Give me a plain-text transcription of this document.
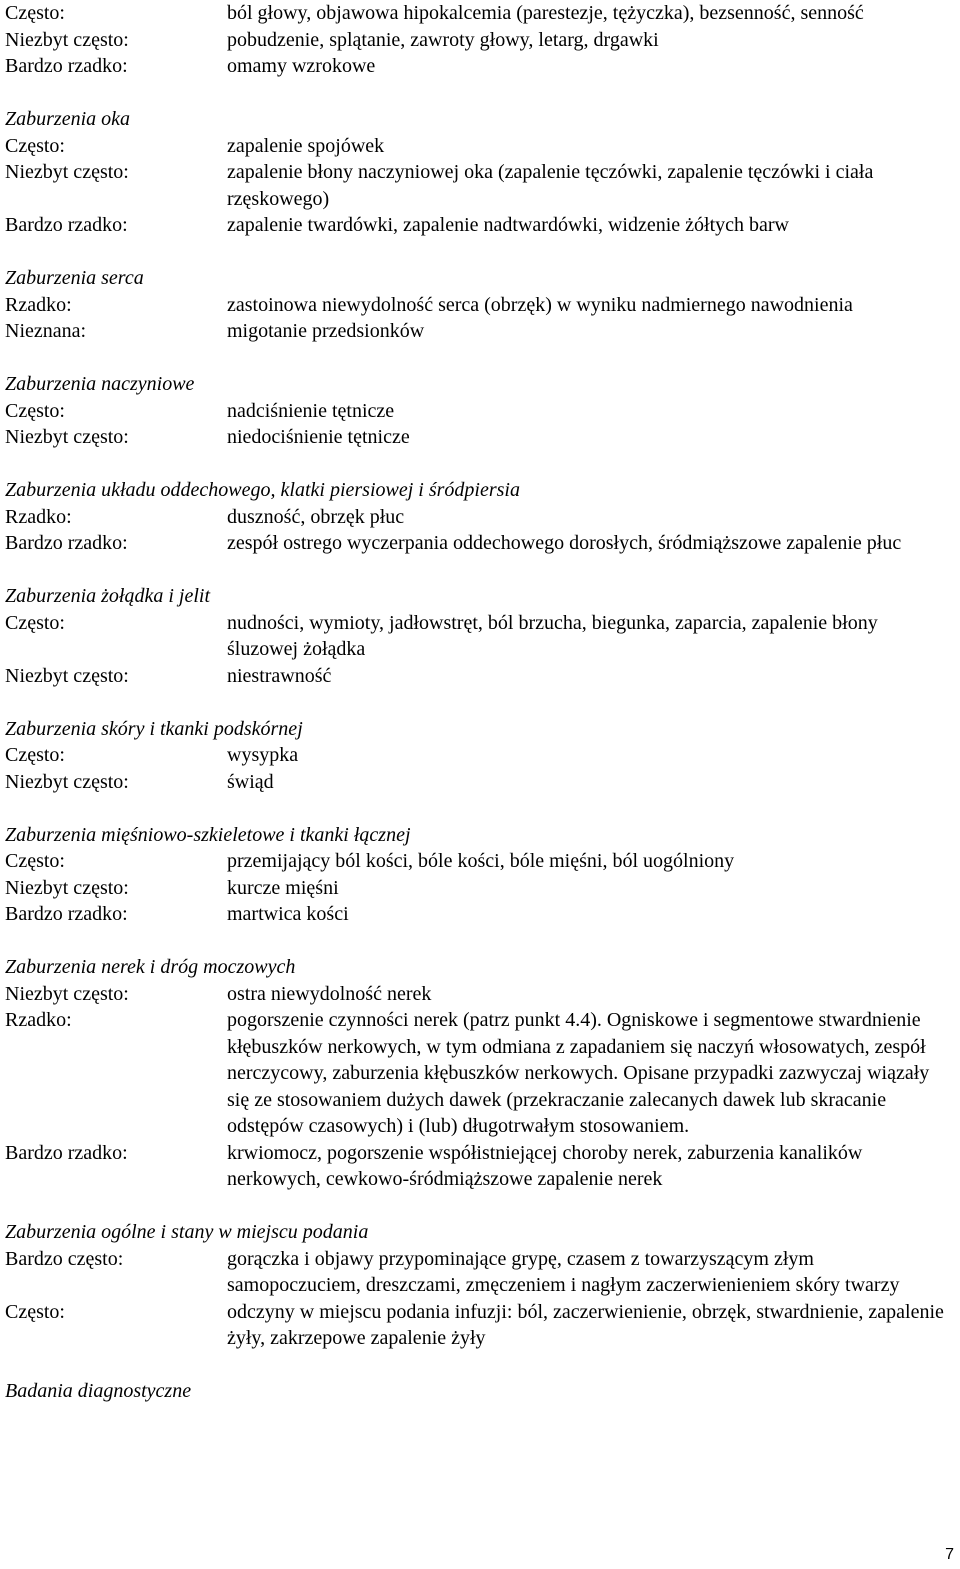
Często:	ból głowy, objawowa hipokalcemia (parestezje, tężyczka), bezsenność, senność
Niezbyt często:	pobudzenie, splątanie, zawroty głowy, letarg, drgawki
Bardzo rzadko:	omamy wzrokowe
Zaburzenia oka
Często:	zapalenie spojówek
Niezbyt często:	zapalenie błony naczyniowej oka (zapalenie tęczówki, zapalenie tęczówki i ciała rzęskowego)
Bardzo rzadko:	zapalenie twardówki, zapalenie nadtwardówki, widzenie żółtych barw
Zaburzenia serca
Rzadko:	zastoinowa niewydolność serca (obrzęk) w wyniku nadmiernego nawodnienia
Nieznana:	migotanie przedsionków
Zaburzenia naczyniowe
Często:	nadciśnienie tętnicze
Niezbyt często:	niedociśnienie tętnicze
Zaburzenia układu oddechowego, klatki piersiowej i śródpiersia
Rzadko:	duszność, obrzęk płuc
Bardzo rzadko:	zespół ostrego wyczerpania oddechowego dorosłych, śródmiąższowe zapalenie płuc
Zaburzenia żołądka i jelit
Często:	nudności, wymioty, jadłowstręt, ból brzucha, biegunka, zaparcia, zapalenie błony śluzowej żołądka
Niezbyt często:	niestrawność
Zaburzenia skóry i tkanki podskórnej
Często:	wysypka
Niezbyt często:	świąd
Zaburzenia mięśniowo-szkieletowe i tkanki łącznej
Często:	przemijający ból kości, bóle kości, bóle mięśni, ból uogólniony
Niezbyt często:	kurcze mięśni
Bardzo rzadko:	martwica kości
Zaburzenia nerek i dróg moczowych
Niezbyt często:	ostra niewydolność nerek
Rzadko:	pogorszenie czynności nerek (patrz punkt 4.4). Ogniskowe i segmentowe stwardnienie kłębuszków nerkowych, w tym odmiana z zapadaniem się naczyń włosowatych, zespół nerczycowy, zaburzenia kłębuszków nerkowych. Opisane przypadki zazwyczaj wiązały się ze stosowaniem dużych dawek (przekraczanie zalecanych dawek lub skracanie odstępów czasowych) i (lub) długotrwałym stosowaniem.
Bardzo rzadko:	krwiomocz, pogorszenie współistniejącej choroby nerek, zaburzenia kanalików nerkowych, cewkowo-śródmiąższowe zapalenie nerek
Zaburzenia ogólne i stany w miejscu podania
Bardzo często:	gorączka i objawy przypominające grypę, czasem z towarzyszącym złym samopoczuciem, dreszczami, zmęczeniem i nagłym zaczerwienieniem skóry twarzy
Często:	odczyny w miejscu podania infuzji: ból, zaczerwienienie, obrzęk, stwardnienie, zapalenie żyły, zakrzepowe zapalenie żyły
Badania diagnostyczne
7
